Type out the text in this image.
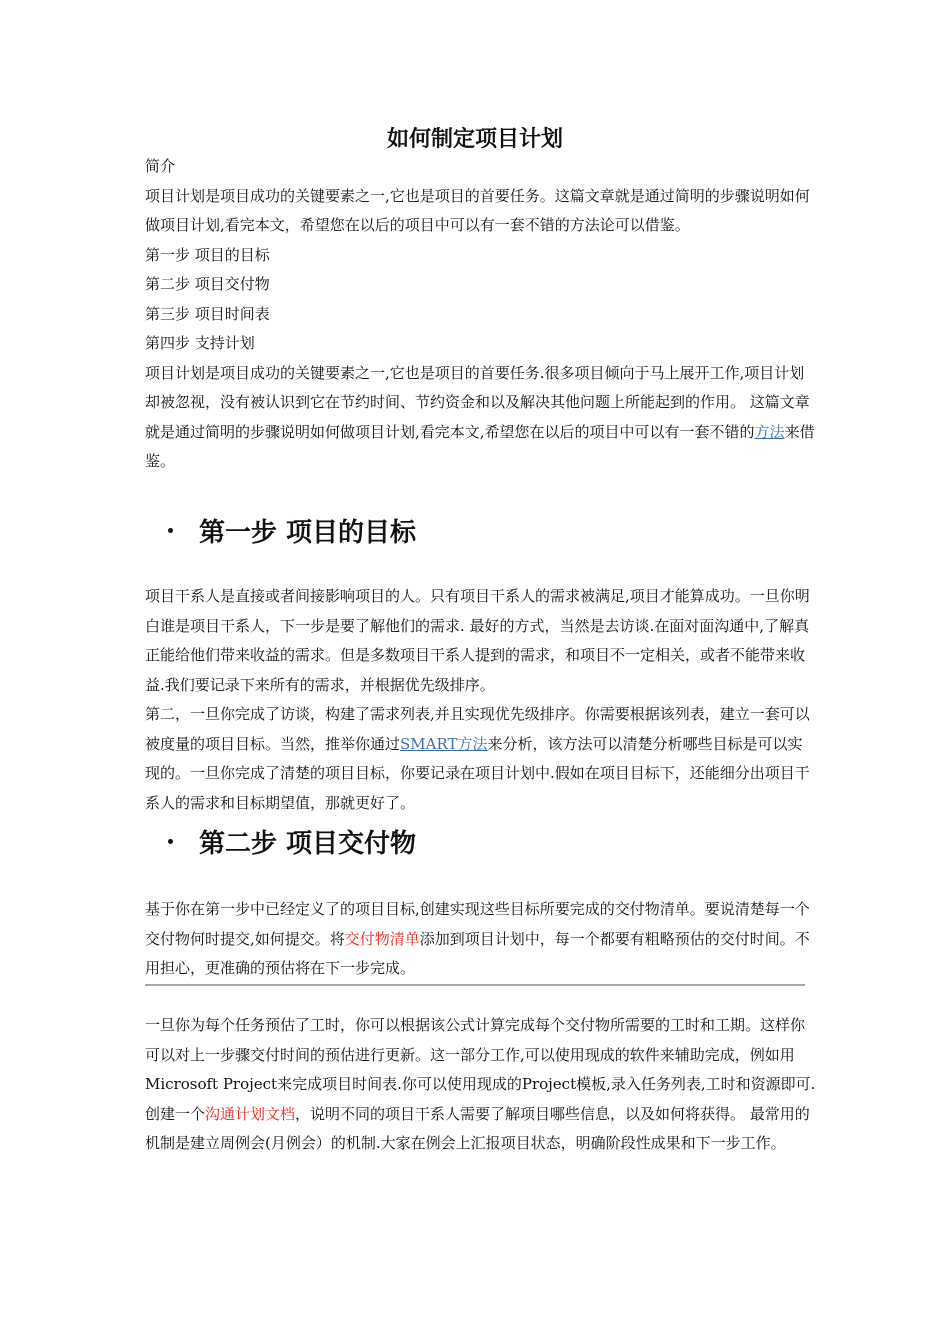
如何制定项目计划

简介

项目计划是项目成功的关键要素之一,它也是项目的首要任务。这篇文章就是通过简明的步骤说明如何做项目计划,看完本文，希望您在以后的项目中可以有一套不错的方法论可以借鉴。

第一步 项目的目标

第二步 项目交付物

第三步 项目时间表

第四步 支持计划

项目计划是项目成功的关键要素之一,它也是项目的首要任务.很多项目倾向于马上展开工作,项目计划却被忽视，没有被认识到它在节约时间、节约资金和以及解决其他问题上所能起到的作用。 这篇文章就是通过简明的步骤说明如何做项目计划,看完本文,希望您在以后的项目中可以有一套不错的方法来借鉴。

第一步 项目的目标

项目干系人是直接或者间接影响项目的人。只有项目干系人的需求被满足,项目才能算成功。一旦你明白谁是项目干系人，下一步是要了解他们的需求. 最好的方式，当然是去访谈.在面对面沟通中,了解真正能给他们带来收益的需求。但是多数项目干系人提到的需求，和项目不一定相关，或者不能带来收益.我们要记录下来所有的需求，并根据优先级排序。

第二，一旦你完成了访谈，构建了需求列表,并且实现优先级排序。你需要根据该列表，建立一套可以被度量的项目目标。当然，推举你通过SMART方法来分析，该方法可以清楚分析哪些目标是可以实现的。一旦你完成了清楚的项目目标，你要记录在项目计划中.假如在项目目标下，还能细分出项目干系人的需求和目标期望值，那就更好了。

第二步 项目交付物

基于你在第一步中已经定义了的项目目标,创建实现这些目标所要完成的交付物清单。要说清楚每一个交付物何时提交,如何提交。将交付物清单添加到项目计划中，每一个都要有粗略预估的交付时间。不用担心，更准确的预估将在下一步完成。

一旦你为每个任务预估了工时，你可以根据该公式计算完成每个交付物所需要的工时和工期。这样你可以对上一步骤交付时间的预估进行更新。这一部分工作,可以使用现成的软件来辅助完成，例如用Microsoft Project来完成项目时间表.你可以使用现成的Project模板,录入任务列表,工时和资源即可.

创建一个沟通计划文档，说明不同的项目干系人需要了解项目哪些信息，以及如何将获得。 最常用的机制是建立周例会(月例会）的机制.大家在例会上汇报项目状态，明确阶段性成果和下一步工作。
